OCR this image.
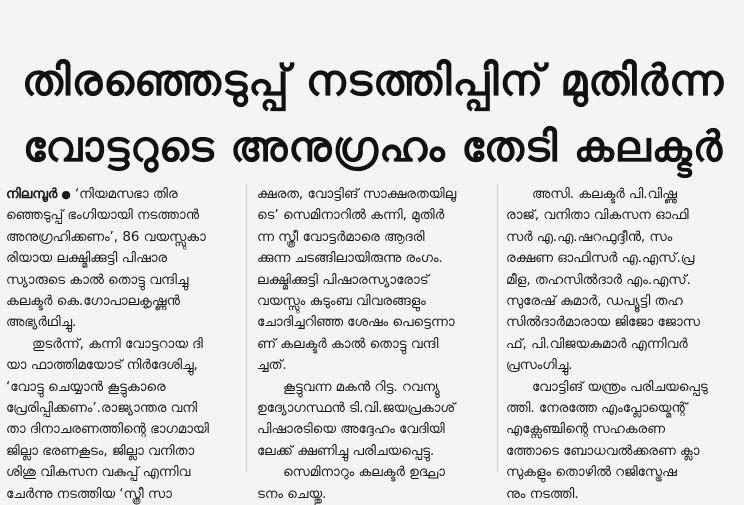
തിരഞ്ഞെടുപ്പ് നടത്തിപ്പിന് മുതിർന്ന
വോട്ടറുടെ അനുഗ്രഹം തേടി കലക്ടർ
നിലമ്പൂർ ● ‘നിയമസഭാ തിര
ഞ്ഞെടുപ്പ് ഭംഗിയായി നടത്താൻ
അനുഗ്രഹിക്കണം’, 86 വയസ്സുകാ
രിയായ ലക്ഷ്മിക്കുട്ടി പിഷാര
സ്യാരുടെ കാൽ തൊട്ടു വന്ദിച്ചു
കലക്ടർ കെ.ഗോപാലകൃഷ്ണൻ
അഭ്യർഥിച്ചു.
തുടർന്ന്, കന്നി വോട്ടറായ ദി
യാ ഫാത്തിമയോട് നിർദേശിച്ചു,
‘വോട്ടു ചെയ്യാൻ കൂട്ടുകാരെ
പ്രേരിപ്പിക്കണം’.രാജ്യാന്തര വനി
താ ദിനാചരണത്തിന്റെ ഭാഗമായി
ജില്ലാ ഭരണകൂടം, ജില്ലാ വനിതാ
ശിശു വികസന വകുപ്പ് എന്നിവ
ചേർന്നു നടത്തിയ ‘സ്ത്രീ സാ
ക്ഷരത, വോട്ടിങ് സാക്ഷരതയിലൂ
ടെ’ സെമിനാറിൽ കന്നി, മുതിർ
ന്ന സ്ത്രീ വോട്ടർമാരെ ആദരി
ക്കുന്ന ചടങ്ങിലായിരുന്നു രംഗം.
ലക്ഷ്മിക്കുട്ടി പിഷാരസ്യാരോട്
വയസ്സും കുടുംബ വിവരങ്ങളും
ചോദിച്ചറിഞ്ഞ ശേഷം പെട്ടെന്നാ
ണ് കലക്ടർ കാൽ തൊട്ടു വന്ദി
ച്ചത്.
കൂട്ടുവന്ന മകൻ റിട്ട. റവന്യു
ഉദ്യോഗസ്ഥൻ ടി.വി.ജയപ്രകാശ്
പിഷാരടിയെ അദ്ദേഹം വേദിയി
ലേക്ക് ക്ഷണിച്ചു പരിചയപ്പെട്ടു.
സെമിനാറും കലക്ടർ ഉദ്ഘാ
ടനം ചെയ്തു.
അസി. കലക്ടർ പി.വിഷ്ണു
രാജ്, വനിതാ വികസന ഓഫി
സർ എ.എ.ഷറഫുദ്ദീൻ, സം
രക്ഷണ ഓഫിസർ എ.എസ്.പ്ര
മീള, തഹസിൽദാർ എം.എസ്.
സുരേഷ് കുമാർ, ഡപ്യൂട്ടി തഹ
സിൽദാർമാരായ ജിജോ ജോസ
ഫ്, പി.വിജയകുമാർ എന്നിവർ
പ്രസംഗിച്ചു.
വോട്ടിങ് യന്ത്രം പരിചയപ്പെടു
ത്തി. നേരത്തേ എംപ്ലോയ്മെന്റ്
എക്സേഞ്ചിന്റെ സഹകരണ
ത്തോടെ ബോധവൽക്കരണ ക്ലാ
സുകളും തൊഴിൽ റജിസ്ട്രേഷ
നും നടത്തി.
